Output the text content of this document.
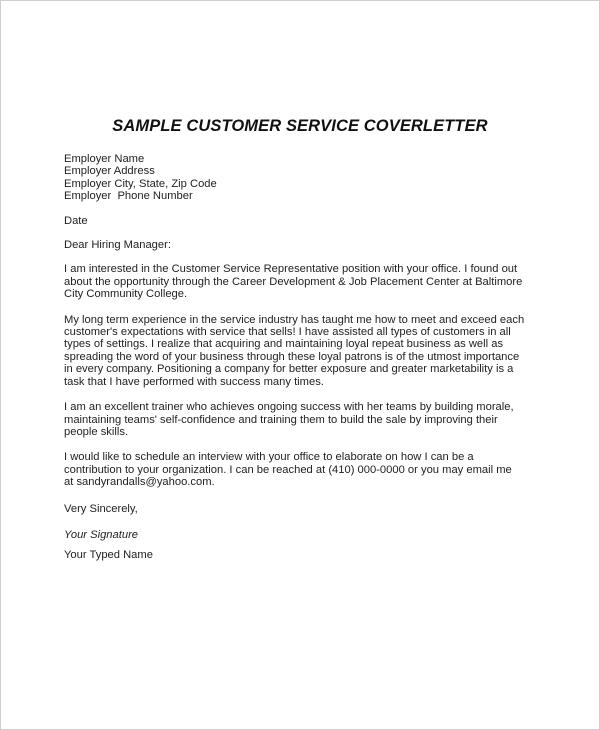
SAMPLE CUSTOMER SERVICE COVERLETTER
Employer Name
Employer Address
Employer City, State, Zip Code
Employer  Phone Number

Date

Dear Hiring Manager:

I am interested in the Customer Service Representative position with your office. I found out
about the opportunity through the Career Development & Job Placement Center at Baltimore
City Community College.

My long term experience in the service industry has taught me how to meet and exceed each
customer's expectations with service that sells! I have assisted all types of customers in all
types of settings. I realize that acquiring and maintaining loyal repeat business as well as
spreading the word of your business through these loyal patrons is of the utmost importance
in every company. Positioning a company for better exposure and greater marketability is a
task that I have performed with success many times.

I am an excellent trainer who achieves ongoing success with her teams by building morale,
maintaining teams' self-confidence and training them to build the sale by improving their
people skills.

I would like to schedule an interview with your office to elaborate on how I can be a
contribution to your organization. I can be reached at (410) 000-0000 or you may email me
at sandyrandalls@yahoo.com.

Very Sincerely,

Your Signature

Your Typed Name
